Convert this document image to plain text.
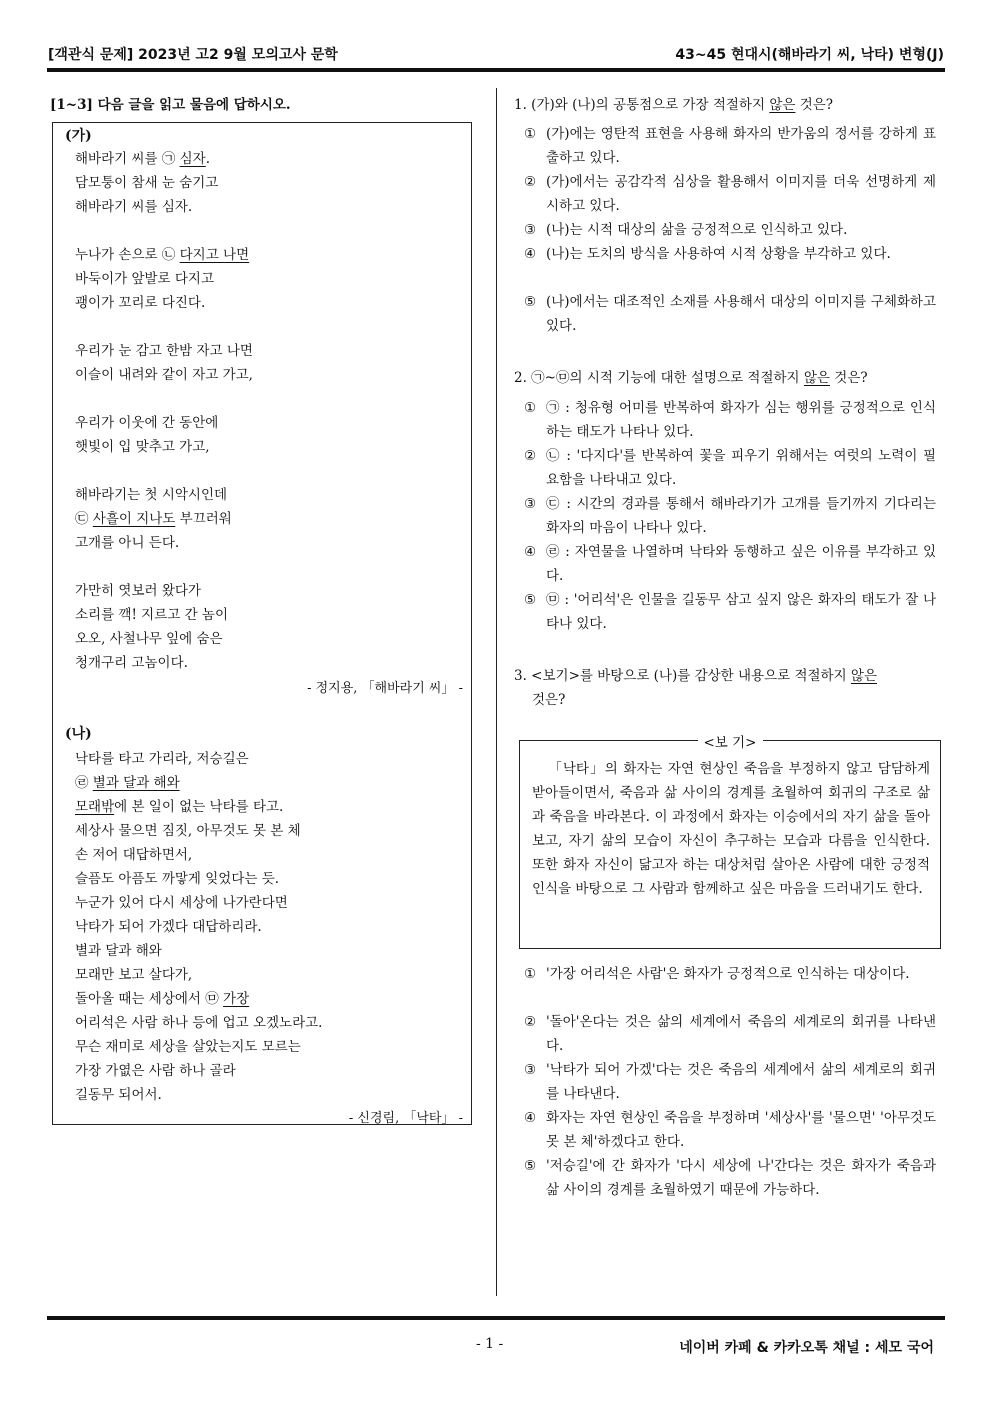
[객관식 문제] 2023년 고2 9월 모의고사 문학	43~45 현대시(해바라기 씨, 낙타) 변형(J)
[1~3] 다음 글을 읽고 물음에 답하시오.
(가)
해바라기 씨를 ㉠ 심자.
담모퉁이 참새 눈 숨기고
해바라기 씨를 심자.
누나가 손으로 ㉡ 다지고 나면
바둑이가 앞발로 다지고
괭이가 꼬리로 다진다.
우리가 눈 감고 한밤 자고 나면
이슬이 내려와 같이 자고 가고,
우리가 이웃에 간 동안에
햇빛이 입 맞추고 가고,
해바라기는 첫 시악시인데
㉢ 사흘이 지나도 부끄러워
고개를 아니 든다.
가만히 엿보러 왔다가
소리를 깩! 지르고 간 놈이
오오, 사철나무 잎에 숨은
청개구리 고놈이다.
- 정지용, 「해바라기 씨」 -
(나)
낙타를 타고 가리라, 저승길은
㉣ 별과 달과 해와
모래밖에 본 일이 없는 낙타를 타고.
세상사 물으면 짐짓, 아무것도 못 본 체
손 저어 대답하면서,
슬픔도 아픔도 까맣게 잊었다는 듯.
누군가 있어 다시 세상에 나가란다면
낙타가 되어 가겠다 대답하리라.
별과 달과 해와
모래만 보고 살다가,
돌아올 때는 세상에서 ㉤ 가장
어리석은 사람 하나 등에 업고 오겠노라고.
무슨 재미로 세상을 살았는지도 모르는
가장 가엾은 사람 하나 골라
길동무 되어서.
- 신경림, 「낙타」 -
1. (가)와 (나)의 공통점으로 가장 적절하지 않은 것은?
① (가)에는 영탄적 표현을 사용해 화자의 반가움의 정서를 강하게 표출하고 있다.
② (가)에서는 공감각적 심상을 활용해서 이미지를 더욱 선명하게 제시하고 있다.
③ (나)는 시적 대상의 삶을 긍정적으로 인식하고 있다.
④ (나)는 도치의 방식을 사용하여 시적 상황을 부각하고 있다.
⑤ (나)에서는 대조적인 소재를 사용해서 대상의 이미지를 구체화하고 있다.
2. ㉠~㉤의 시적 기능에 대한 설명으로 적절하지 않은 것은?
① ㉠ : 청유형 어미를 반복하여 화자가 심는 행위를 긍정적으로 인식하는 태도가 나타나 있다.
② ㉡ : '다지다'를 반복하여 꽃을 피우기 위해서는 여럿의 노력이 필요함을 나타내고 있다.
③ ㉢ : 시간의 경과를 통해서 해바라기가 고개를 들기까지 기다리는 화자의 마음이 나타나 있다.
④ ㉣ : 자연물을 나열하며 낙타와 동행하고 싶은 이유를 부각하고 있다.
⑤ ㉤ : '어리석'은 인물을 길동무 삼고 싶지 않은 화자의 태도가 잘 나타나 있다.
3. <보기>를 바탕으로 (나)를 감상한 내용으로 적절하지 않은
것은?
<보 기>
「낙타」의 화자는 자연 현상인 죽음을 부정하지 않고 담담하게 받아들이면서, 죽음과 삶 사이의 경계를 초월하여 회귀의 구조로 삶과 죽음을 바라본다. 이 과정에서 화자는 이승에서의 자기 삶을 돌아보고, 자기 삶의 모습이 자신이 추구하는 모습과 다름을 인식한다. 또한 화자 자신이 닮고자 하는 대상처럼 살아온 사람에 대한 긍정적 인식을 바탕으로 그 사람과 함께하고 싶은 마음을 드러내기도 한다.
① '가장 어리석은 사람'은 화자가 긍정적으로 인식하는 대상이다.
② '돌아'온다는 것은 삶의 세계에서 죽음의 세계로의 회귀를 나타낸다.
③ '낙타가 되어 가겠'다는 것은 죽음의 세계에서 삶의 세계로의 회귀를 나타낸다.
④ 화자는 자연 현상인 죽음을 부정하며 '세상사'를 '물으면' '아무것도 못 본 체'하겠다고 한다.
⑤ '저승길'에 간 화자가 '다시 세상에 나'간다는 것은 화자가 죽음과 삶 사이의 경계를 초월하였기 때문에 가능하다.
- 1 -	네이버 카페 & 카카오톡 채널 : 세모 국어
